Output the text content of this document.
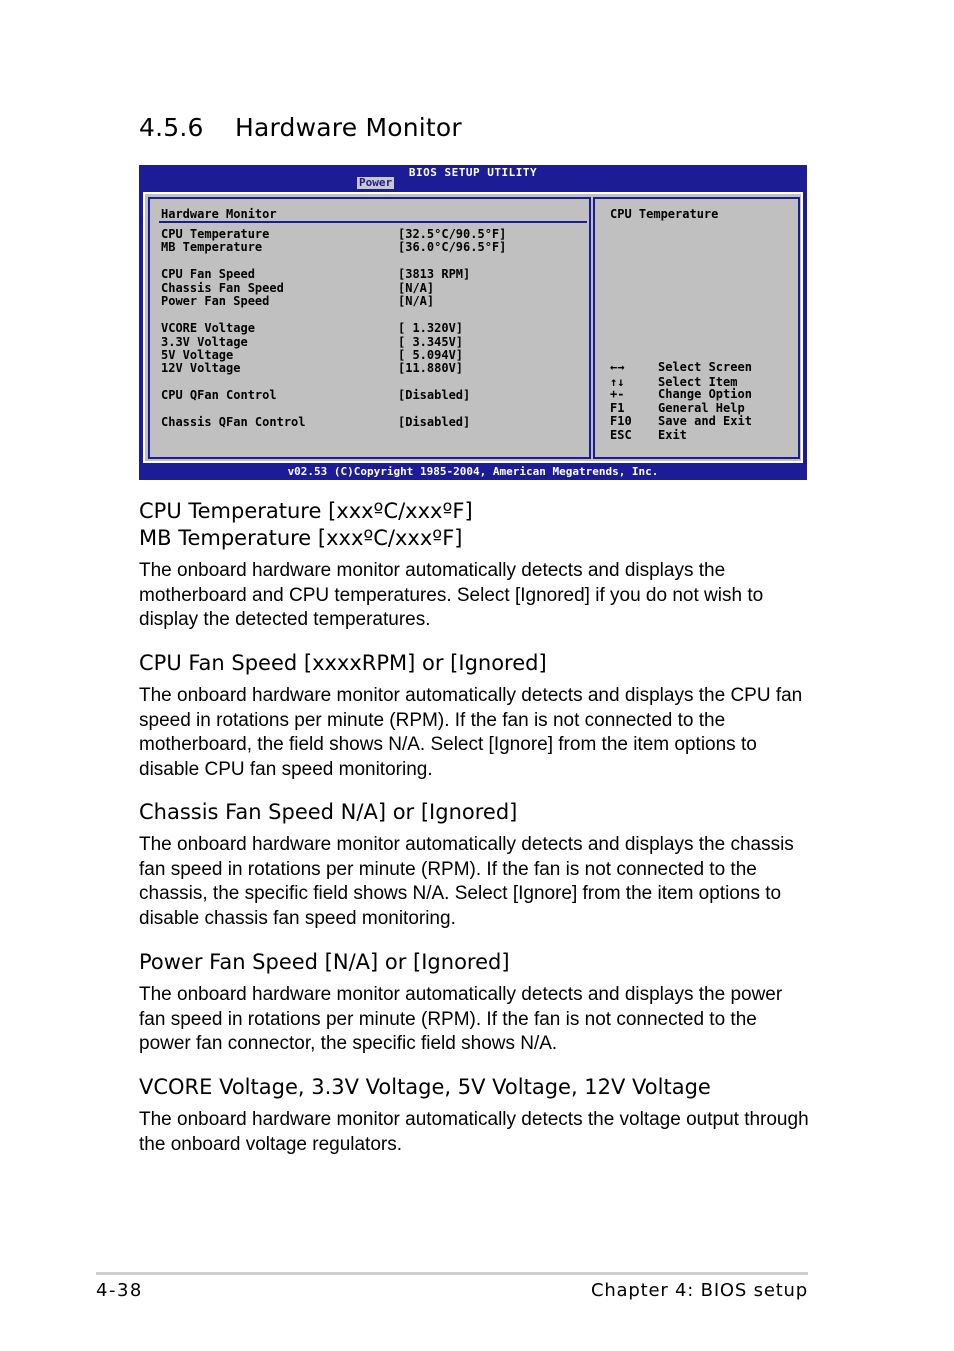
4.5.6 Hardware Monitor
BIOS SETUP UTILITY
Power
Hardware Monitor
CPU Temperature	[32.5°C/90.5°F]
MB Temperature	[36.0°C/96.5°F]
CPU Fan Speed	[3813 RPM]
Chassis Fan Speed	[N/A]
Power Fan Speed	[N/A]
VCORE Voltage	[ 1.320V]
3.3V Voltage	[ 3.345V]
5V Voltage	[ 5.094V]
12V Voltage	[11.880V]
CPU QFan Control	[Disabled]
Chassis QFan Control	[Disabled]
CPU Temperature
←→	Select Screen
↑↓	Select Item
+-	Change Option
F1	General Help
F10 Save and Exit
ESC Exit
v02.53 (C)Copyright 1985-2004, American Megatrends, Inc.
CPU Temperature [xxxºC/xxxºF]
MB Temperature [xxxºC/xxxºF]

The onboard hardware monitor automatically detects and displays the motherboard and CPU temperatures. Select [Ignored] if you do not wish to display the detected temperatures.

CPU Fan Speed [xxxxRPM] or [Ignored]

The onboard hardware monitor automatically detects and displays the CPU fan speed in rotations per minute (RPM). If the fan is not connected to the motherboard, the field shows N/A. Select [Ignore] from the item options to disable CPU fan speed monitoring.

Chassis Fan Speed N/A] or [Ignored]

The onboard hardware monitor automatically detects and displays the chassis fan speed in rotations per minute (RPM). If the fan is not connected to the chassis, the specific field shows N/A. Select [Ignore] from the item options to disable chassis fan speed monitoring.

Power Fan Speed [N/A] or [Ignored]

The onboard hardware monitor automatically detects and displays the power fan speed in rotations per minute (RPM). If the fan is not connected to the power fan connector, the specific field shows N/A.

VCORE Voltage, 3.3V Voltage, 5V Voltage, 12V Voltage

The onboard hardware monitor automatically detects the voltage output through the onboard voltage regulators.

4-38	Chapter 4: BIOS setup
